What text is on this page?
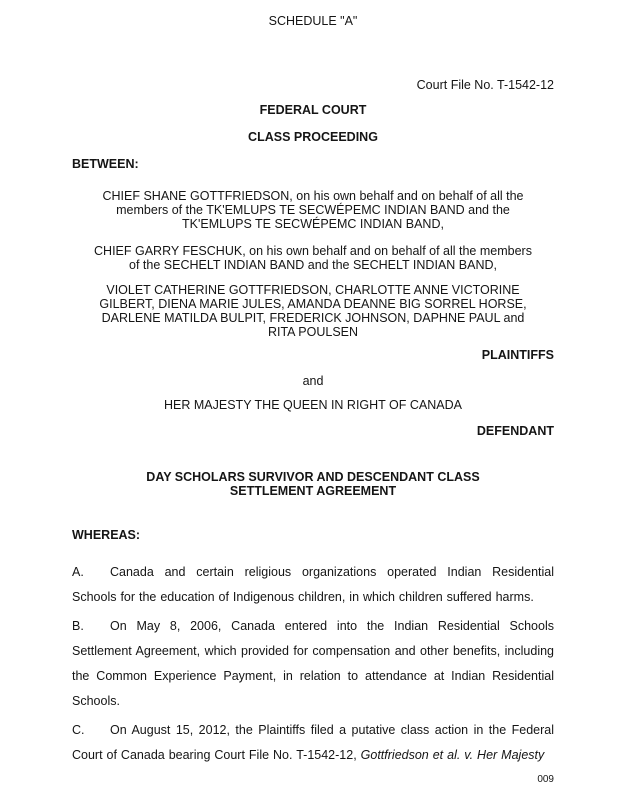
SCHEDULE "A"
Court File No. T-1542-12
FEDERAL COURT
CLASS PROCEEDING
BETWEEN:

CHIEF SHANE GOTTFRIEDSON, on his own behalf and on behalf of all the members of the TK'EMLUPS TE SECWÉPEMC INDIAN BAND and the TK'EMLUPS TE SECWÉPEMC INDIAN BAND,

CHIEF GARRY FESCHUK, on his own behalf and on behalf of all the members of the SECHELT INDIAN BAND and the SECHELT INDIAN BAND,

VIOLET CATHERINE GOTTFRIEDSON, CHARLOTTE ANNE VICTORINE GILBERT, DIENA MARIE JULES, AMANDA DEANNE BIG SORREL HORSE, DARLENE MATILDA BULPIT, FREDERICK JOHNSON, DAPHNE PAUL and RITA POULSEN

PLAINTIFFS
and
HER MAJESTY THE QUEEN IN RIGHT OF CANADA
DEFENDANT
DAY SCHOLARS SURVIVOR AND DESCENDANT CLASS
SETTLEMENT AGREEMENT
WHEREAS:

A. Canada and certain religious organizations operated Indian Residential Schools for the education of Indigenous children, in which children suffered harms.

B. On May 8, 2006, Canada entered into the Indian Residential Schools Settlement Agreement, which provided for compensation and other benefits, including the Common Experience Payment, in relation to attendance at Indian Residential Schools.

C. On August 15, 2012, the Plaintiffs filed a putative class action in the Federal Court of Canada bearing Court File No. T-1542-12, Gottfriedson et al. v. Her Majesty

009
